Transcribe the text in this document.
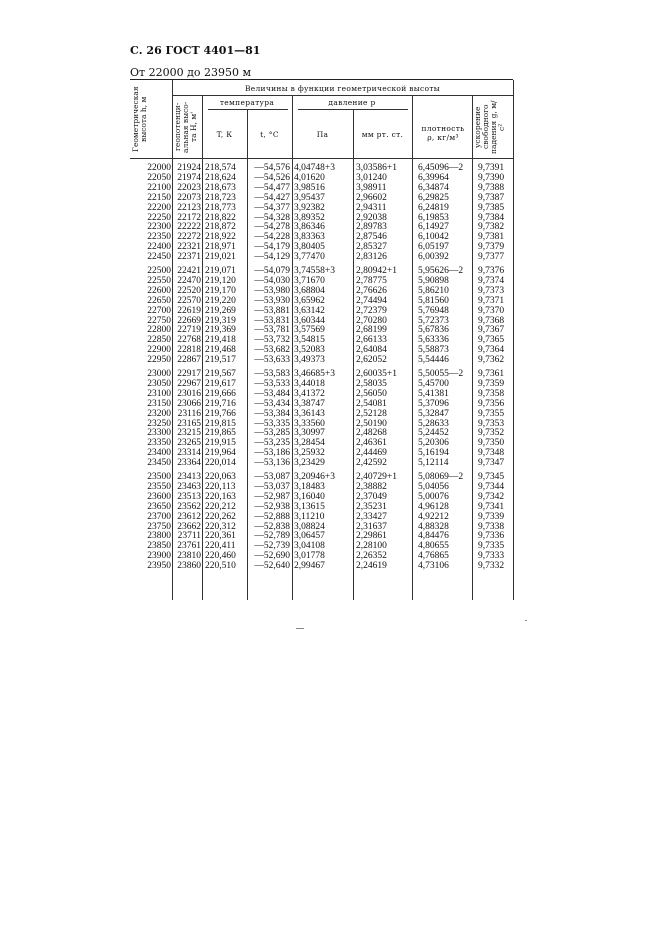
С. 26 ГОСТ 4401—81
От 22000 до 23950 м
Геометрическая высота h, м
Величины в функции геометрической высоты
геопотенци-альная высо-та H, м'
температура
T, К	t, °С
давление p
Па	мм рт. ст.
плотность ρ, кг/м³	ускорение свободного падения g, м/с²
22000 21924 218,574	—54,576 4,04748+3	3,03586+1	6,45096—2	9,7391
22050 21974 218,624	—54,526 4,01620	3,01240	6,39964	9,7390
22100 22023 218,673	—54,477 3,98516	3,98911	6,34874	9,7388
22150 22073 218,723	—54,427 3,95437	2,96602	6,29825	9,7387
22200 22123 218,773	—54,377 3,92382	2,94311	6,24819	9,7385
22250 22172 218,822	—54,328 3,89352	2,92038	6,19853	9,7384
22300 22222 218,872	—54,278 3,86346	2,89783	6,14927	9,7382
22350 22272 218,922	—54,228 3,83363	2,87546	6,10042	9,7381
22400 22321 218,971	—54,179 3,80405	2,85327	6,05197	9,7379
22450 22371 219,021	—54,129 3,77470	2,83126	6,00392	9,7377
22500 22421 219,071	—54,079 3,74558+3	2,80942+1	5,95626—2	9,7376
22550 22470 219,120	—54,030 3,71670	2,78775	5,90898	9,7374
22600 22520 219,170	—53,980 3,68804	2,76626	5,86210	9,7373
22650 22570 219,220	—53,930 3,65962	2,74494	5,81560	9,7371
22700 22619 219,269	—53,881 3,63142	2,72379	5,76948	9,7370
22750 22669 219,319	—53,831 3,60344	2,70280	5,72373	9,7368
22800 22719 219,369	—53,781 3,57569	2,68199	5,67836	9,7367
22850 22768 219,418	—53,732 3,54815	2,66133	5,63336	9,7365
22900 22818 219,468	—53,682 3,52083	2,64084	5,58873	9,7364
22950 22867 219,517	—53,633 3,49373	2,62052	5,54446	9,7362
23000 22917 219,567	—53,583 3,46685+3	2,60035+1	5,50055—2	9,7361
23050 22967 219,617	—53,533 3,44018	2,58035	5,45700	9,7359
23100 23016 219,666	—53,484 3,41372	2,56050	5,41381	9,7358
23150 23066 219,716	—53,434 3,38747	2,54081	5,37096	9,7356
23200 23116 219,766	—53,384 3,36143	2,52128	5,32847	9,7355
23250 23165 219,815	—53,335 3,33560	2,50190	5,28633	9,7353
23300 23215 219,865	—53,285 3,30997	2,48268	5,24452	9,7352
23350 23265 219,915	—53,235 3,28454	2,46361	5,20306	9,7350
23400 23314 219,964	—53,186 3,25932	2,44469	5,16194	9,7348
23450 23364 220,014	—53,136 3,23429	2,42592	5,12114	9,7347
23500 23413 220,063	—53,087 3,20946+3	2,40729+1	5,08069—2	9,7345
23550 23463 220,113	—53,037 3,18483	2,38882	5,04056	9,7344
23600 23513 220,163	—52,987 3,16040	2,37049	5,00076	9,7342
23650 23562 220,212	—52,938 3,13615	2,35231	4,96128	9,7341
23700 23612 220,262	—52,888 3,11210	2,33427	4,92212	9,7339
23750 23662 220,312	—52,838 3,08824	2,31637	4,88328	9,7338
23800 23711 220,361	—52,789 3,06457	2,29861	4,84476	9,7336
23850 23761 220,411	—52,739 3,04108	2,28100	4,80655	9,7335
23900 23810 220,460	—52,690 3,01778	2,26352	4,76865	9,7333
23950 23860 220,510	—52,640 2,99467	2,24619	4,73106	9,7332
